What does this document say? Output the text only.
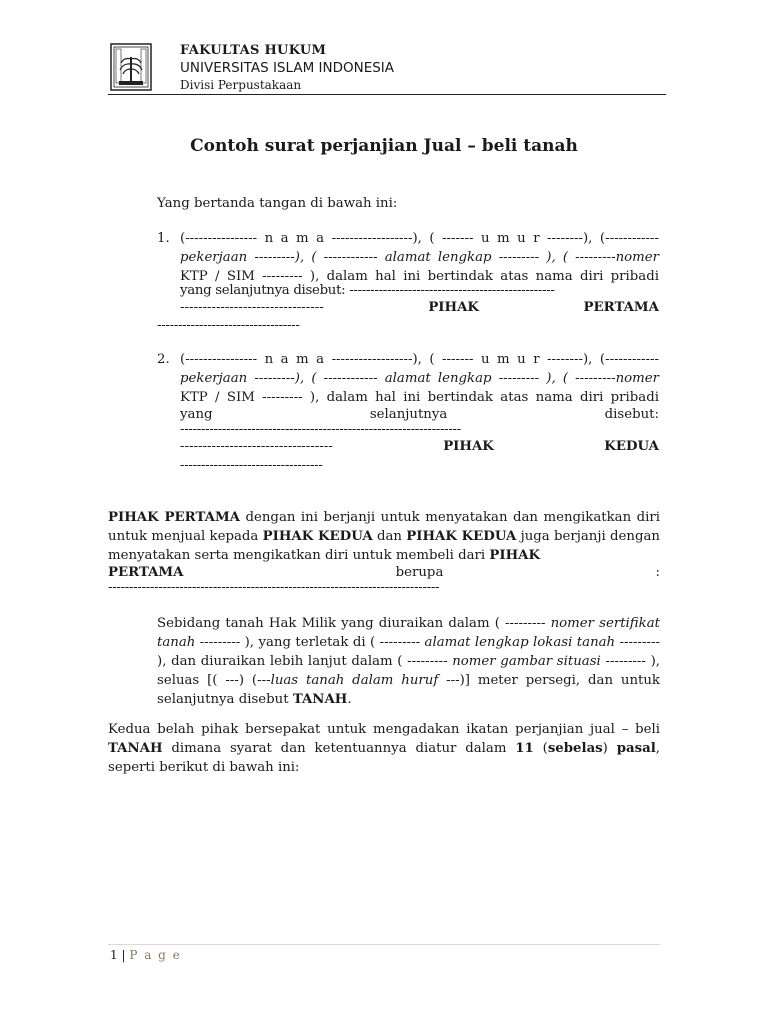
FAKULTAS HUKUM
UNIVERSITAS ISLAM INDONESIA
Divisi Perpustakaan
Contoh surat perjanjian Jual – beli tanah
Yang bertanda tangan di bawah ini:
1. (---------------- n a m a ------------------), ( ------- u m u r --------), (------------
pekerjaan ---------), ( ------------ alamat lengkap --------- ), ( ---------nomer
KTP / SIM --------- ), dalam hal ini bertindak atas nama diri pribadi
yang selanjutnya disebut: -------------------------------------------------
--------------------------------	PIHAK	PERTAMA
----------------------------------
2. (---------------- n a m a ------------------), ( ------- u m u r --------), (------------
pekerjaan ---------), ( ------------ alamat lengkap --------- ), ( ---------nomer
KTP / SIM --------- ), dalam hal ini bertindak atas nama diri pribadi
yang	selanjutnya	disebut:
-------------------------------------------------------------------
----------------------------------	PIHAK	KEDUA
----------------------------------
PIHAK PERTAMA dengan ini berjanji untuk menyatakan dan mengikatkan diri untuk menjual kepada PIHAK KEDUA dan PIHAK KEDUA juga berjanji dengan menyatakan serta mengikatkan diri untuk membeli dari PIHAK
PERTAMA	berupa	:
-------------------------------------------------------------------------------
Sebidang tanah Hak Milik yang diuraikan dalam ( --------- nomer sertifikat tanah --------- ), yang terletak di ( --------- alamat lengkap lokasi tanah --------- ), dan diuraikan lebih lanjut dalam ( --------- nomer gambar situasi --------- ), seluas [( ---) (---luas tanah dalam huruf ---)] meter persegi, dan untuk selanjutnya disebut TANAH.
Kedua belah pihak bersepakat untuk mengadakan ikatan perjanjian jual – beli TANAH dimana syarat dan ketentuannya diatur dalam 11 (sebelas) pasal, seperti berikut di bawah ini:
1 | P a g e
